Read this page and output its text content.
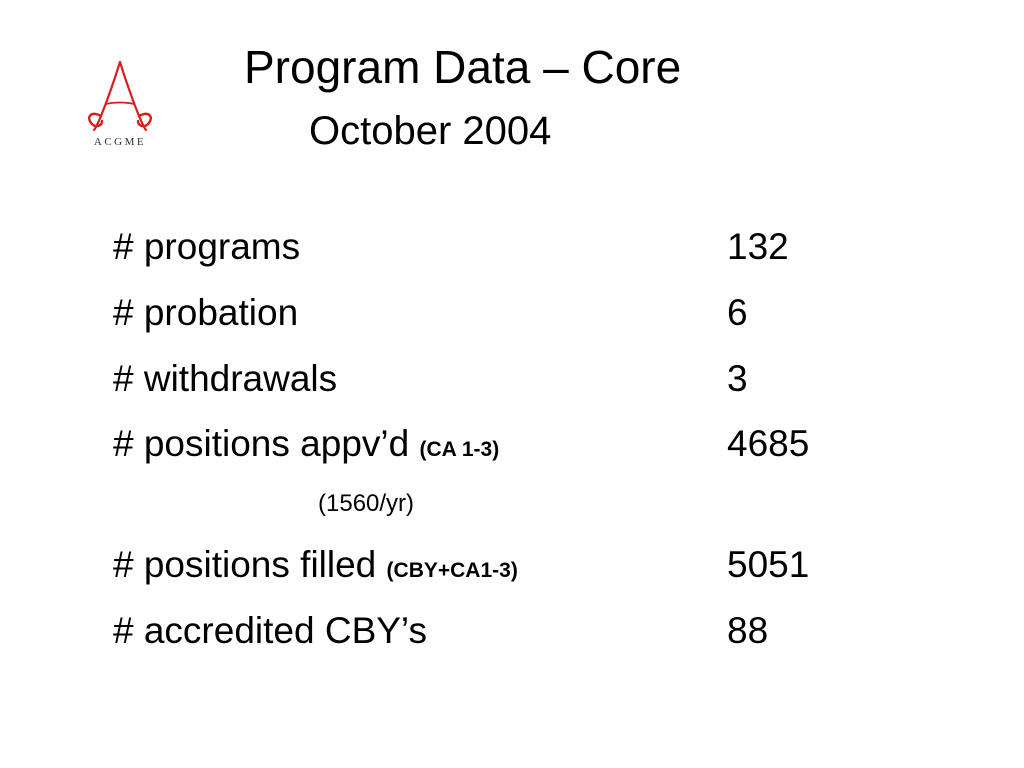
ACGME
Program Data – Core
October 2004
# programs	132
# probation	6
# withdrawals	3
# positions appv’d (CA 1-3)	4685
(1560/yr)
# positions filled (CBY+CA1-3)	5051
# accredited CBY’s	88
